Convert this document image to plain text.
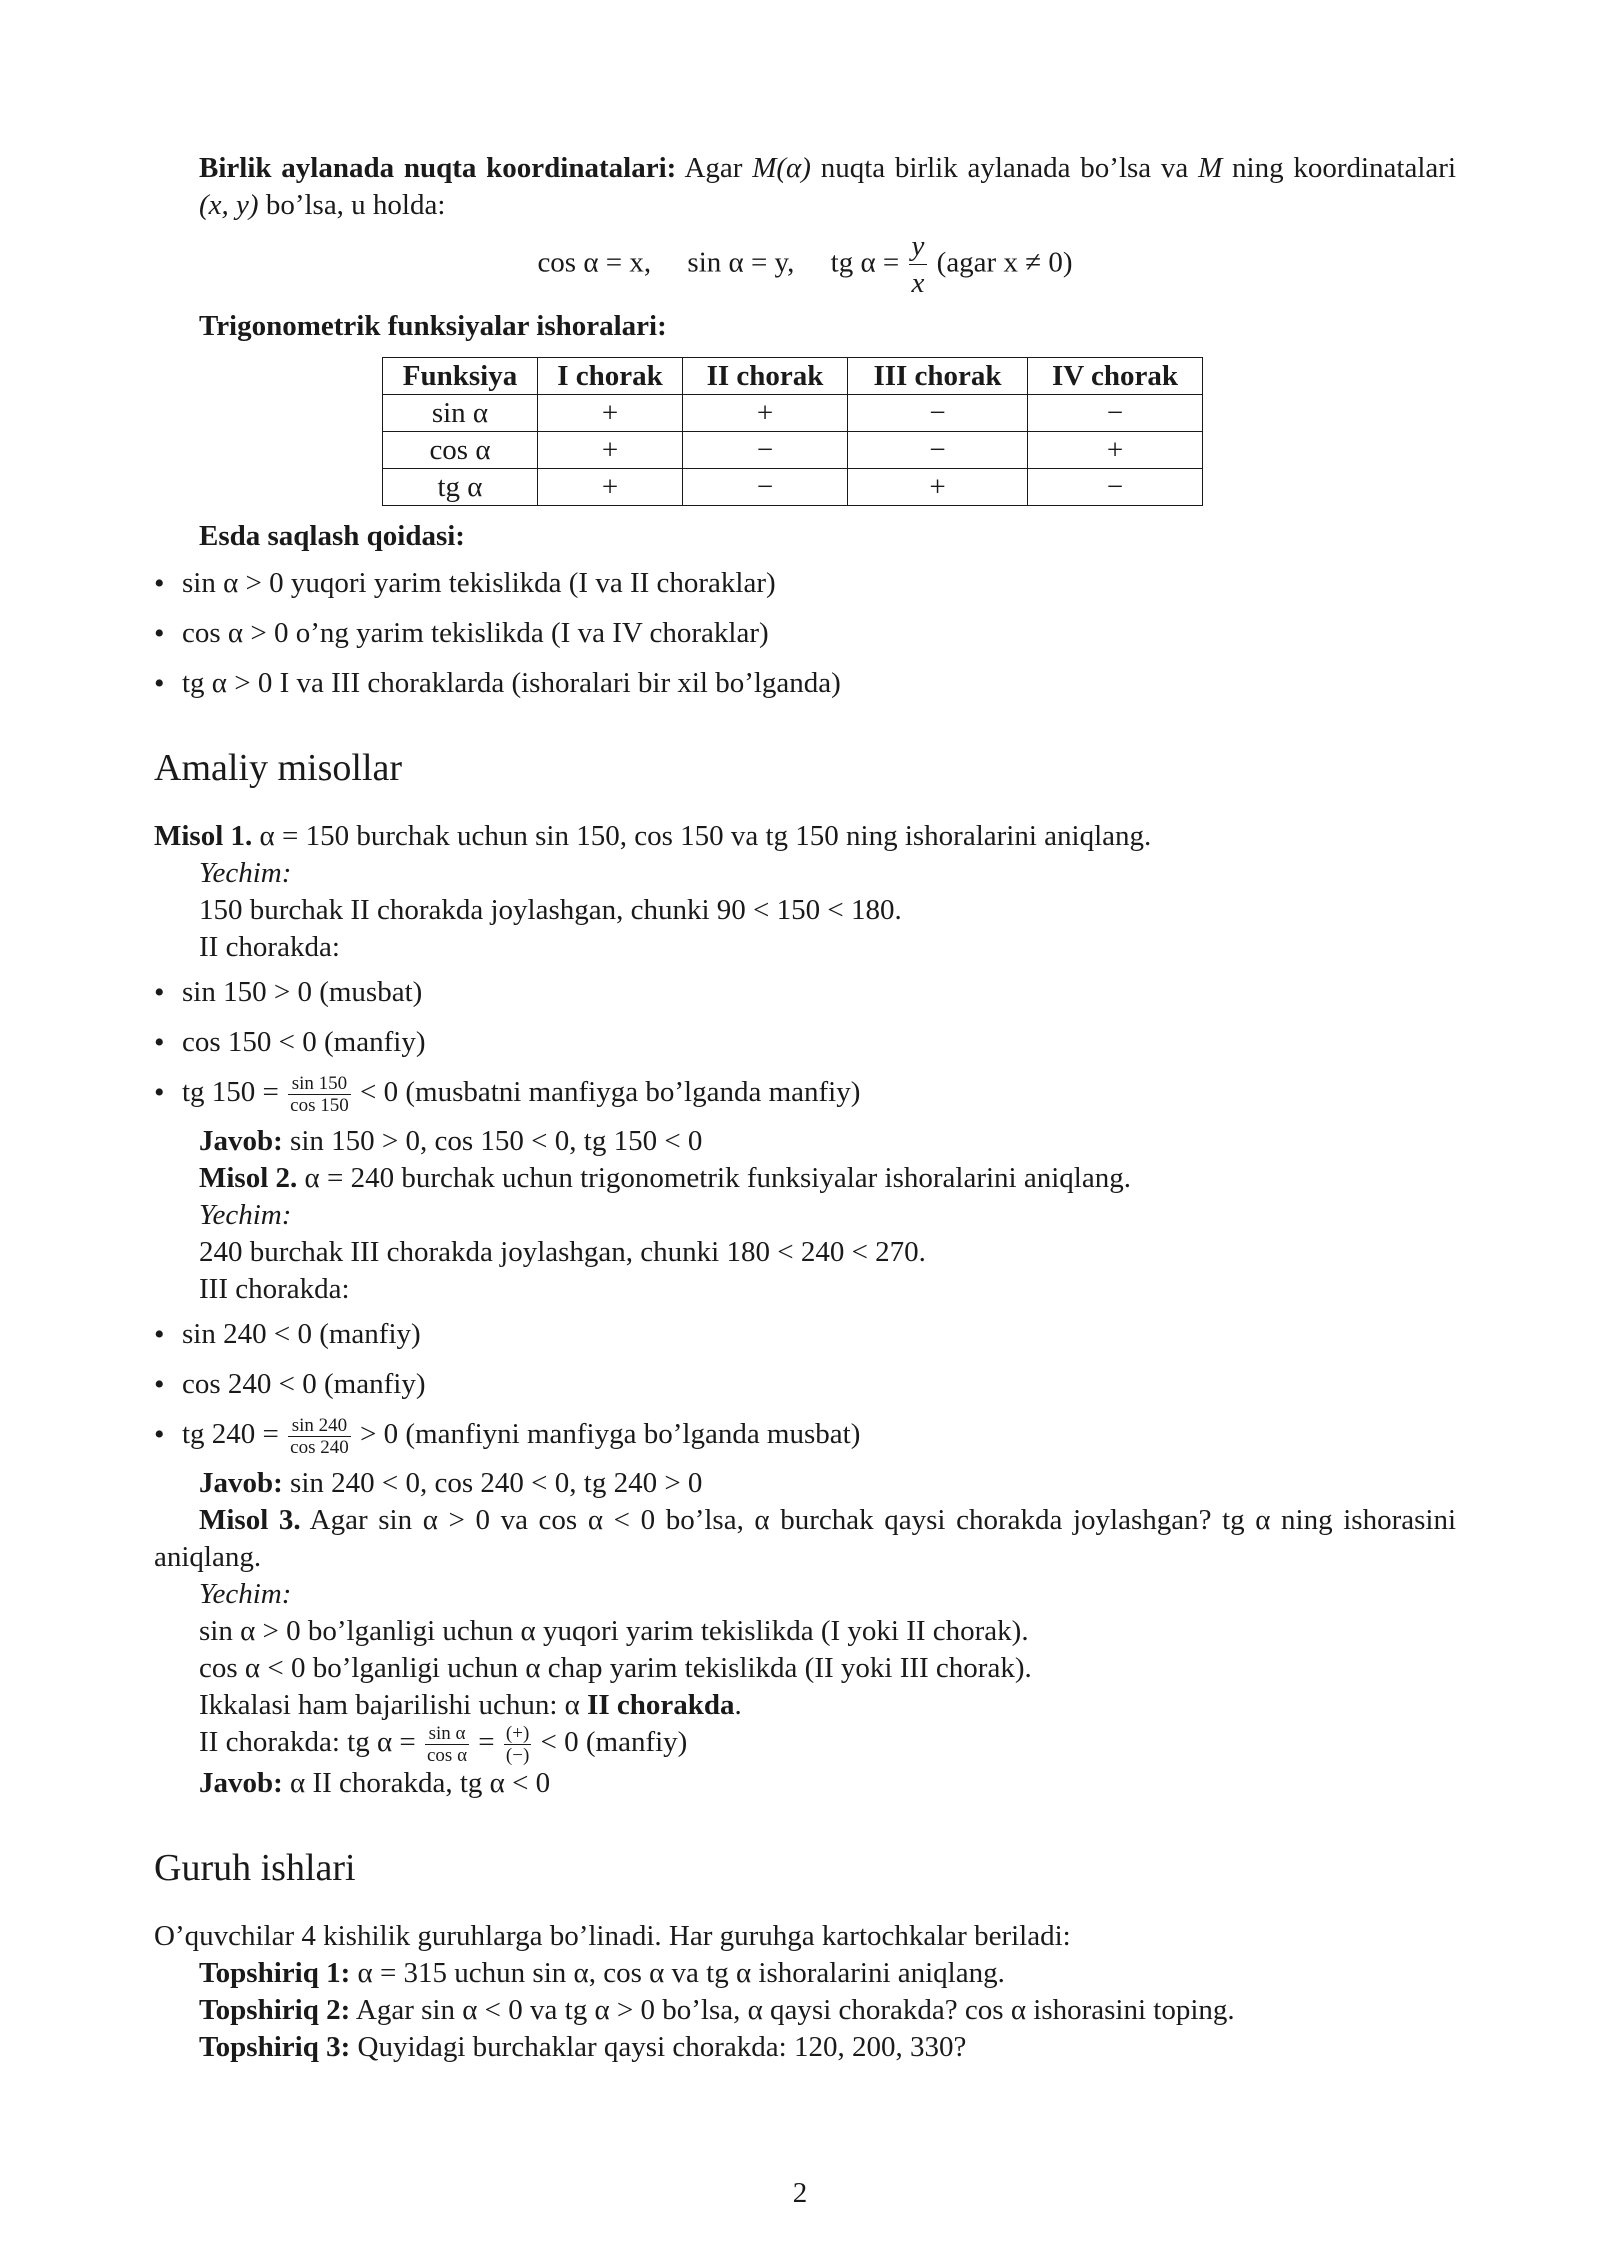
Birlik aylanada nuqta koordinatalari: Agar M(α) nuqta birlik aylanada bo’lsa va M ning koordinatalari (x, y) bo’lsa, u holda:

cos α = x, sin α = y, tg $\alpha = \frac{y}{x}$ (agar x ≠ 0)

Trigonometrik funksiyalar ishoralari:

Funksiya	I chorak	II chorak	III chorak	IV chorak
sin α	+	+	−	−
cos α	+	−	−	+
tg α	+	−	+	−

Esda saqlash qoidasi:

• sin α > 0 yuqori yarim tekislikda (I va II choraklar)
• cos α > 0 o’ng yarim tekislikda (I va IV choraklar)
• tg α > 0 I va III choraklarda (ishoralari bir xil bo’lganda)
Amaliy misollar

Misol 1. α = 150 burchak uchun sin 150, cos 150 va tg 150 ning ishoralarini aniqlang.

Yechim:

150 burchak II chorakda joylashgan, chunki 90 < 150 < 180.

II chorakda:

• sin 150 > 0 (musbat)
• cos 150 < 0 (manfiy)
• tg $150 = \frac{\sin 150}{\cos 150} < 0$ (musbatni manfiyga bo’lganda manfiy)

Javob: sin 150 > 0, cos 150 < 0, tg 150 < 0

Misol 2. α = 240 burchak uchun trigonometrik funksiyalar ishoralarini aniqlang.

Yechim:

240 burchak III chorakda joylashgan, chunki 180 < 240 < 270.

III chorakda:

• sin 240 < 0 (manfiy)
• cos 240 < 0 (manfiy)
• tg $240 = \frac{\sin 240}{\cos 240} > 0$ (manfiyni manfiyga bo’lganda musbat)

Javob: sin 240 < 0, cos 240 < 0, tg 240 > 0

Misol 3. Agar sin α > 0 va cos α < 0 bo’lsa, α burchak qaysi chorakda joylashgan? tg α ning ishorasini aniqlang.

Yechim:

sin α > 0 bo’lganligi uchun α yuqori yarim tekislikda (I yoki II chorak).

cos α < 0 bo’lganligi uchun α chap yarim tekislikda (II yoki III chorak).

Ikkalasi ham bajarilishi uchun: α II chorakda.

II chorakda: tg $\alpha = \frac{\text{sin α}}{\text{cos α}} = \frac{(+)}{(-)} < 0$ (manfiy)

Javob: α II chorakda, tg α < 0

Guruh ishlari

O’quvchilar 4 kishilik guruhlarga bo’linadi. Har guruhga kartochkalar beriladi:

Topshiriq 1: α = 315 uchun sin α, cos α va tg α ishoralarini aniqlang.

Topshiriq 2: Agar sin α < 0 va tg α > 0 bo’lsa, α qaysi chorakda? cos α ishorasini toping.

Topshiriq 3: Quyidagi burchaklar qaysi chorakda: 120, 200, 330?

2
